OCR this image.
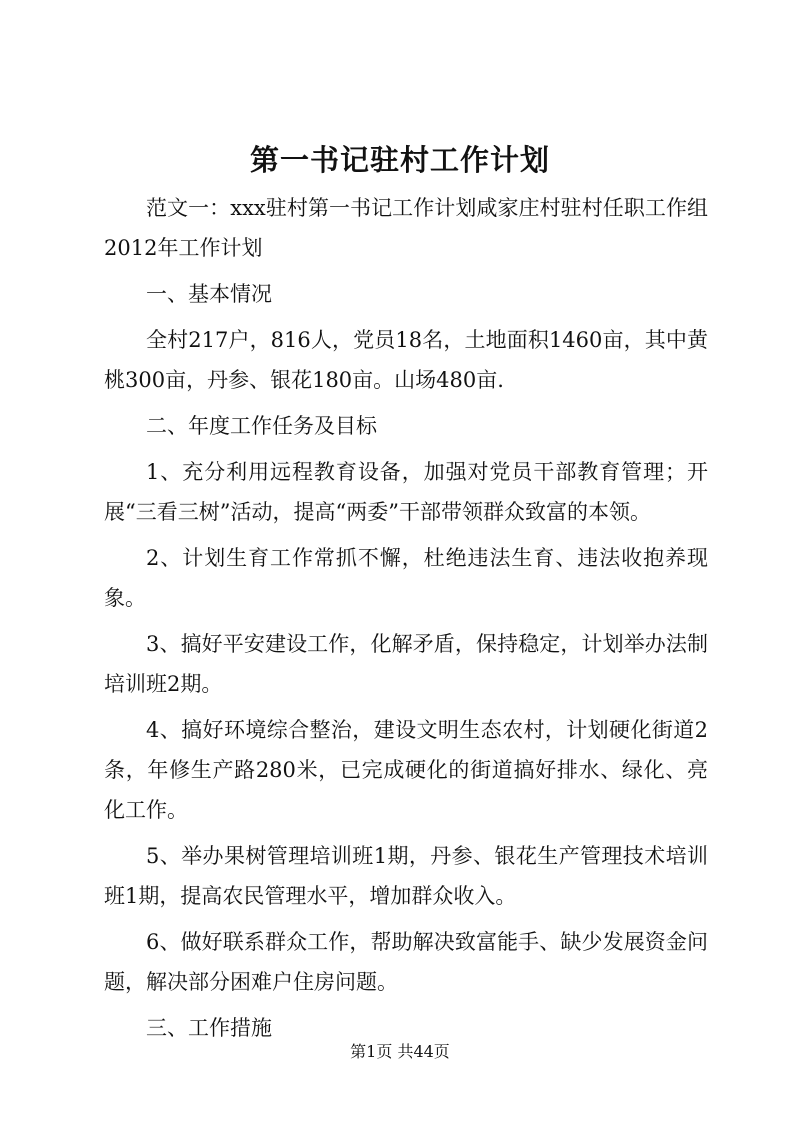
第一书记驻村工作计划

范文一：xxx驻村第一书记工作计划咸家庄村驻村任职工作组2012年工作计划

一、基本情况

全村217户，816人，党员18名，土地面积1460亩，其中黄桃300亩，丹参、银花180亩。山场480亩.

二、年度工作任务及目标

1、充分利用远程教育设备，加强对党员干部教育管理；开展“三看三树”活动，提高“两委”干部带领群众致富的本领。

2、计划生育工作常抓不懈，杜绝违法生育、违法收抱养现象。

3、搞好平安建设工作，化解矛盾，保持稳定，计划举办法制培训班2期。

4、搞好环境综合整治，建设文明生态农村，计划硬化街道2条，年修生产路280米，已完成硬化的街道搞好排水、绿化、亮化工作。

5、举办果树管理培训班1期，丹参、银花生产管理技术培训班1期，提高农民管理水平，增加群众收入。

6、做好联系群众工作，帮助解决致富能手、缺少发展资金问题，解决部分困难户住房问题。

三、工作措施

第1页 共44页
